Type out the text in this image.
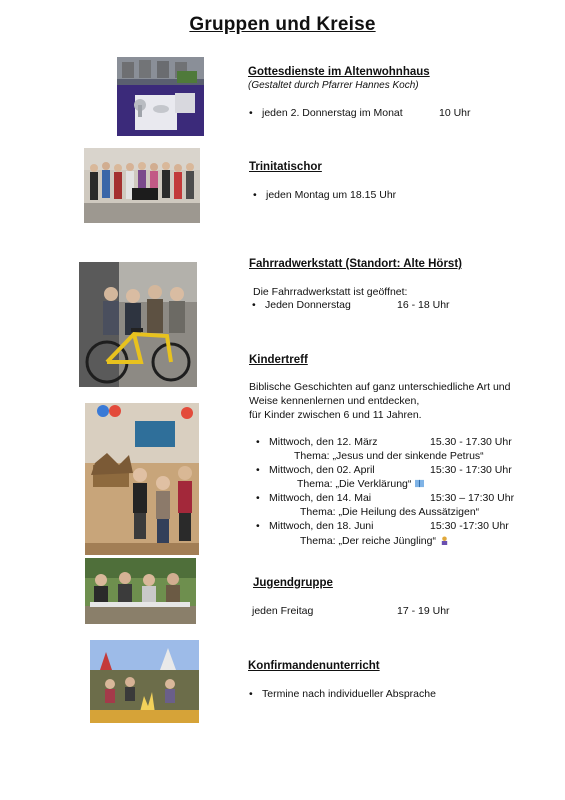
Gruppen und Kreise
Gottesdienste im Altenwohnhaus
(Gestaltet durch Pfarrer Hannes Koch)
• jeden 2. Donnerstag im Monat	10 Uhr
Trinitatischor
• jeden Montag um 18.15 Uhr
Fahrradwerkstatt (Standort: Alte Hörst)
Die Fahrradwerkstatt ist geöffnet:
• Jeden Donnerstag	16 - 18 Uhr
Kindertreff
Biblische Geschichten auf ganz unterschiedliche Art und
Weise kennenlernen und entdecken,
für Kinder zwischen 6 und 11 Jahren.
• Mittwoch, den 12. März	15.30 - 17.30 Uhr
Thema: „Jesus und der sinkende Petrus“
• Mittwoch, den 02. April	15:30 - 17:30 Uhr
Thema: „Die Verklärung“
• Mittwoch, den 14. Mai	15:30 – 17:30 Uhr
Thema: „Die Heilung des Aussätzigen“
• Mittwoch, den 18. Juni	15:30 -17:30 Uhr
Thema: „Der reiche Jüngling“
Jugendgruppe
jeden Freitag	17 - 19 Uhr
Konfirmandenunterricht
• Termine nach individueller Absprache
